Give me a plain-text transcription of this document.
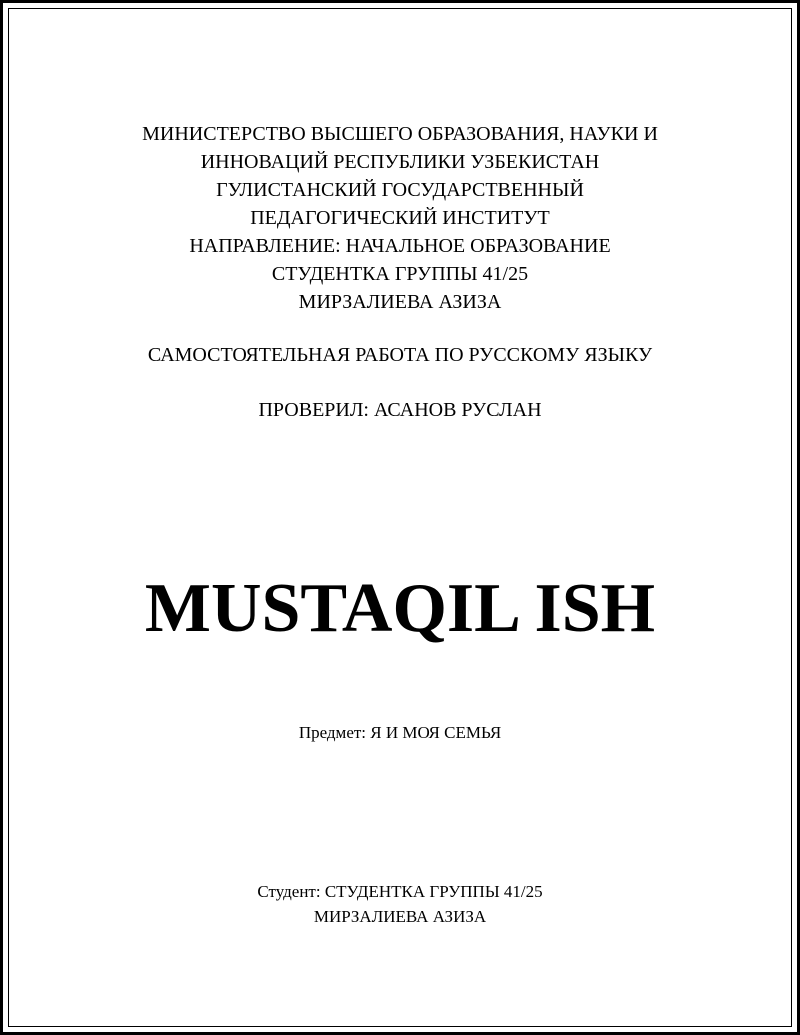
МИНИСТЕРСТВО ВЫСШЕГО ОБРАЗОВАНИЯ, НАУКИ И
ИННОВАЦИЙ РЕСПУБЛИКИ УЗБЕКИСТАН
ГУЛИСТАНСКИЙ ГОСУДАРСТВЕННЫЙ
ПЕДАГОГИЧЕСКИЙ ИНСТИТУТ
НАПРАВЛЕНИЕ: НАЧАЛЬНОЕ ОБРАЗОВАНИЕ
СТУДЕНТКА ГРУППЫ 41/25
МИРЗАЛИЕВА АЗИЗА
САМОСТОЯТЕЛЬНАЯ РАБОТА ПО РУССКОМУ ЯЗЫКУ
ПРОВЕРИЛ: АСАНОВ РУСЛАН
MUSTAQIL ISH
Предмет: Я И МОЯ СЕМЬЯ
Студент: СТУДЕНТКА ГРУППЫ 41/25
МИРЗАЛИЕВА АЗИЗА
